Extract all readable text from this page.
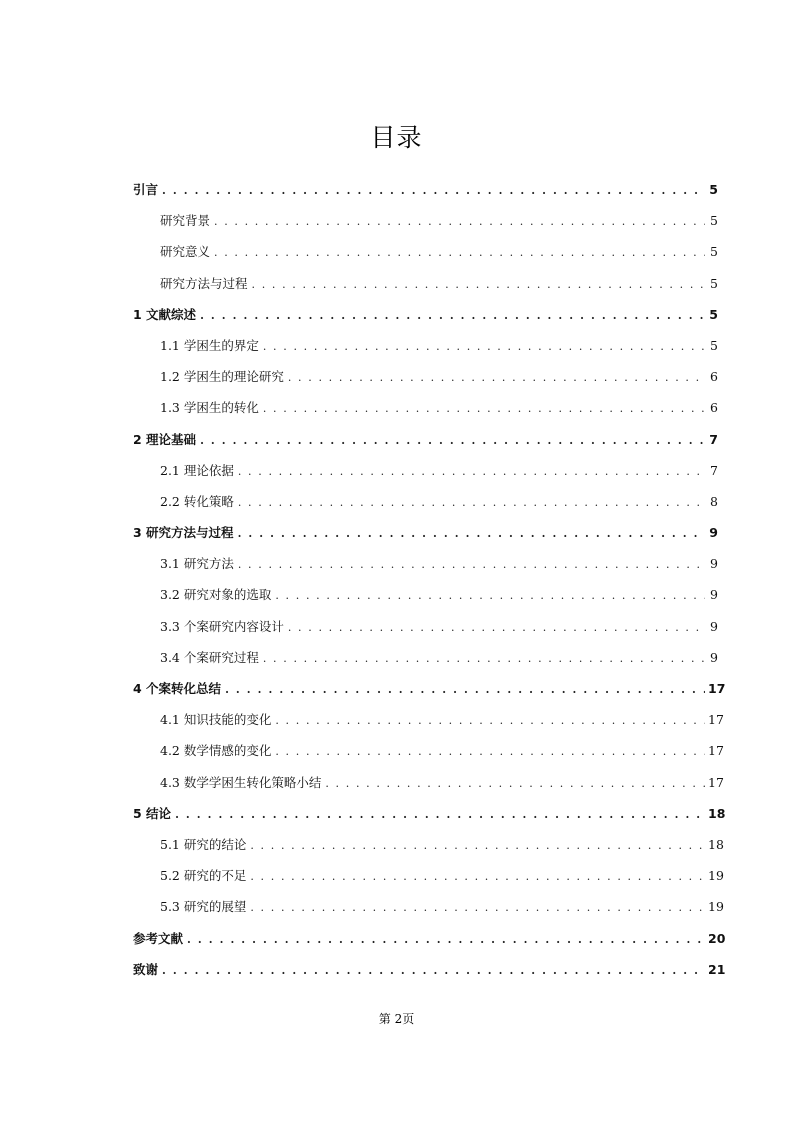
目录
引言 . . .	5
研究背景 . . .	5
研究意义 . . .	5
研究方法与过程 . . .	5
1 文献综述 . . .	5
1.1 学困生的界定 . . .	5
1.2 学困生的理论研究 . . .	6
1.3 学困生的转化 . . .	6
2 理论基础 . . .	7
2.1 理论依据 . . .	7
2.2 转化策略 . . .	8
3 研究方法与过程 . . .	9
3.1 研究方法 . . .	9
3.2 研究对象的选取 . . .	9
3.3 个案研究内容设计 . . .	9
3.4 个案研究过程 . . .	9
4 个案转化总结 . . .	17
4.1 知识技能的变化 . . .	17
4.2 数学情感的变化 . . .	17
4.3 数学学困生转化策略小结 . . .	17
5 结论 . . .	18
5.1 研究的结论 . . .	18
5.2 研究的不足 . . .	19
5.3 研究的展望 . . .	19
参考文献 . . .	20
致谢 . . .	21
第 2页
